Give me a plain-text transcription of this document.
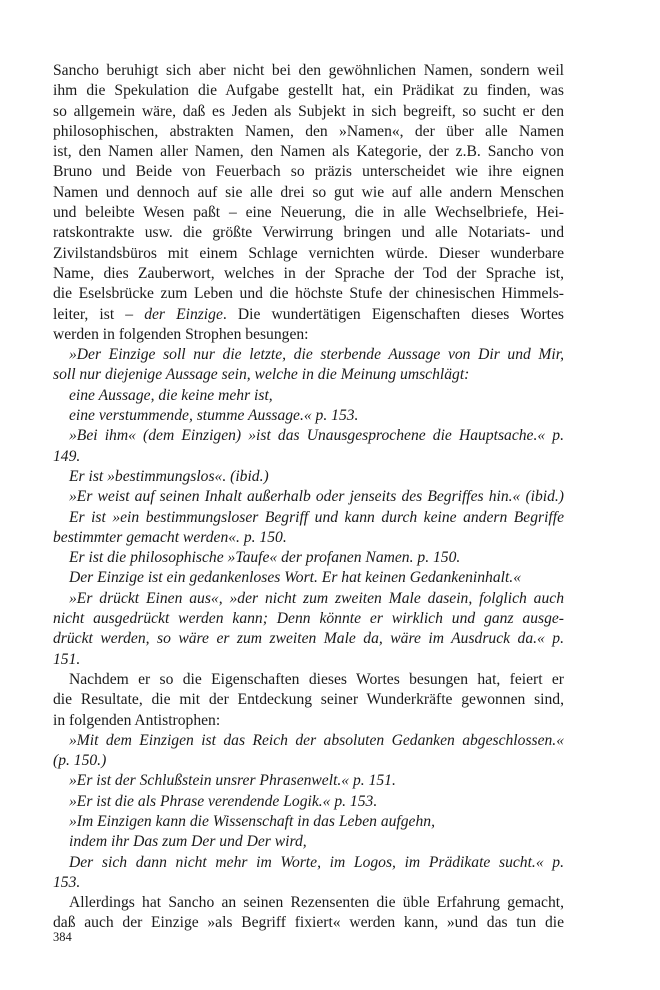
Sancho beruhigt sich aber nicht bei den gewöhnlichen Namen, sondern weil
ihm die Spekulation die Aufgabe gestellt hat, ein Prädikat zu finden, was
so allgemein wäre, daß es Jeden als Subjekt in sich begreift, so sucht er den
philosophischen, abstrakten Namen, den »Namen«, der über alle Namen
ist, den Namen aller Namen, den Namen als Kategorie, der z.B. Sancho von
Bruno und Beide von Feuerbach so präzis unterscheidet wie ihre eignen
Namen und dennoch auf sie alle drei so gut wie auf alle andern Menschen
und beleibte Wesen paßt – eine Neuerung, die in alle Wechselbriefe, Hei-
ratskontrakte usw. die größte Verwirrung bringen und alle Notariats- und
Zivilstandsbüros mit einem Schlage vernichten würde. Dieser wunderbare
Name, dies Zauberwort, welches in der Sprache der Tod der Sprache ist,
die Eselsbrücke zum Leben und die höchste Stufe der chinesischen Himmels-
leiter, ist – der Einzige. Die wundertätigen Eigenschaften dieses Wortes
werden in folgenden Strophen besungen:
»Der Einzige soll nur die letzte, die sterbende Aussage von Dir und Mir,
soll nur diejenige Aussage sein, welche in die Meinung umschlägt:
eine Aussage, die keine mehr ist,
eine verstummende, stumme Aussage.« p. 153.
»Bei ihm« (dem Einzigen) »ist das Unausgesprochene die Hauptsache.« p.
149.
Er ist »bestimmungslos«. (ibid.)
»Er weist auf seinen Inhalt außerhalb oder jenseits des Begriffes hin.« (ibid.)
Er ist »ein bestimmungsloser Begriff und kann durch keine andern Begriffe
bestimmter gemacht werden«. p. 150.
Er ist die philosophische »Taufe« der profanen Namen. p. 150.
Der Einzige ist ein gedankenloses Wort. Er hat keinen Gedankeninhalt.«
»Er drückt Einen aus«, »der nicht zum zweiten Male dasein, folglich auch
nicht ausgedrückt werden kann; Denn könnte er wirklich und ganz ausge-
drückt werden, so wäre er zum zweiten Male da, wäre im Ausdruck da.« p.
151.
Nachdem er so die Eigenschaften dieses Wortes besungen hat, feiert er
die Resultate, die mit der Entdeckung seiner Wunderkräfte gewonnen sind,
in folgenden Antistrophen:
»Mit dem Einzigen ist das Reich der absoluten Gedanken abgeschlossen.«
(p. 150.)
»Er ist der Schlußstein unsrer Phrasenwelt.« p. 151.
»Er ist die als Phrase verendende Logik.« p. 153.
»Im Einzigen kann die Wissenschaft in das Leben aufgehn,
indem ihr Das zum Der und Der wird,
Der sich dann nicht mehr im Worte, im Logos, im Prädikate sucht.« p.
153.
Allerdings hat Sancho an seinen Rezensenten die üble Erfahrung gemacht,
daß auch der Einzige »als Begriff fixiert« werden kann, »und das tun die
384
